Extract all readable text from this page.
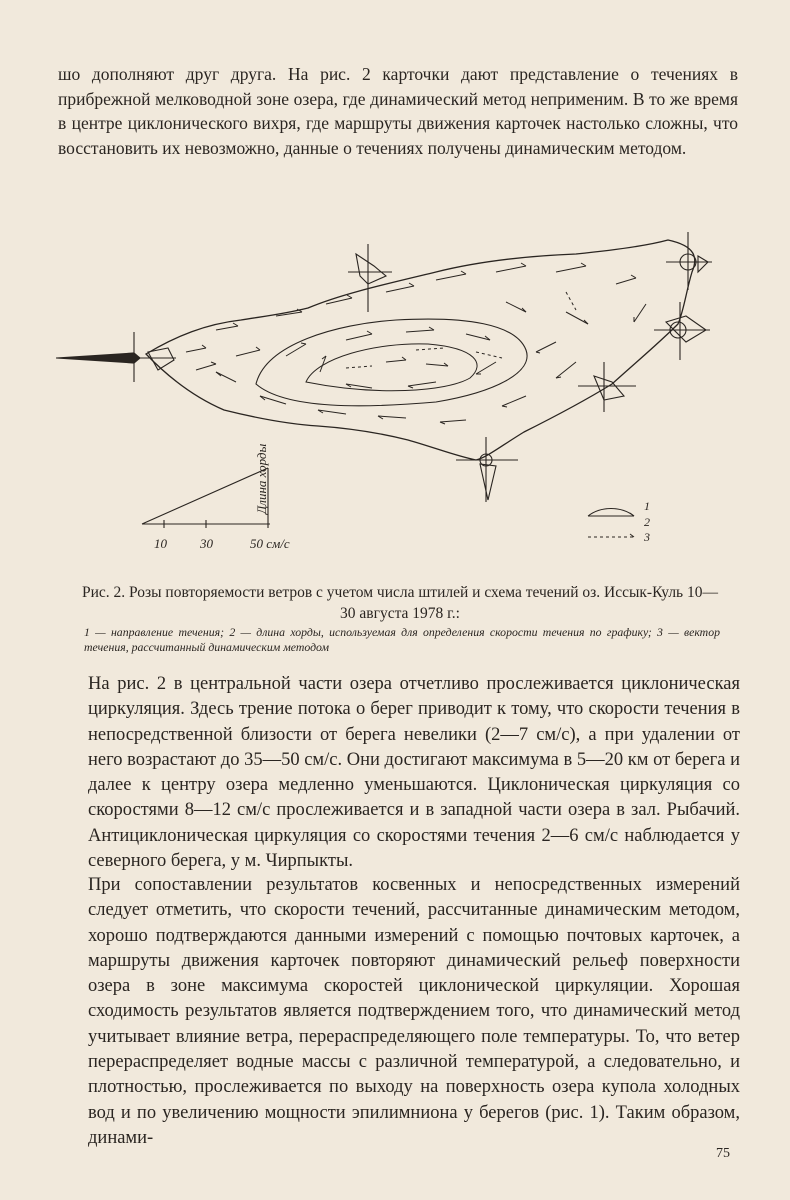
шо дополняют друг друга. На рис. 2 карточки дают представление о течениях в прибрежной мелководной зоне озера, где динамический метод неприменим. В то же время в центре циклонического вихря, где маршруты движения карточек настолько сложны, что восстановить их невозможно, данные о течениях получены динамическим методом.

Длина хорды
10	30	50 см/с
1
2
3

Рис. 2. Розы повторяемости ветров с учетом числа штилей и схема течений оз. Иссык-Куль 10—30 августа 1978 г.:

1 — направление течения; 2 — длина хорды, используемая для определения скорости течения по графику; 3 — вектор течения, рассчитанный динамическим методом

На рис. 2 в центральной части озера отчетливо прослеживается циклоническая циркуляция. Здесь трение потока о берег приводит к тому, что скорости течения в непосредственной близости от берега невелики (2—7 см/с), а при удалении от него возрастают до 35—50 см/с. Они достигают максимума в 5—20 км от берега и далее к центру озера медленно уменьшаются. Циклоническая циркуляция со скоростями 8—12 см/с прослеживается и в западной части озера в зал. Рыбачий. Антициклоническая циркуляция со скоростями течения 2—6 см/с наблюдается у северного берега, у м. Чирпыкты.

При сопоставлении результатов косвенных и непосредственных измерений следует отметить, что скорости течений, рассчитанные динамическим методом, хорошо подтверждаются данными измерений с помощью почтовых карточек, а маршруты движения карточек повторяют динамический рельеф поверхности озера в зоне максимума скоростей циклонической циркуляции. Хорошая сходимость результатов является подтверждением того, что динамический метод учитывает влияние ветра, перераспределяющего поле температуры. То, что ветер перераспределяет водные массы с различной температурой, а следовательно, и плотностью, прослеживается по выходу на поверхность озера купола холодных вод и по увеличению мощности эпилимниона у берегов (рис. 1). Таким образом, динами-

75
